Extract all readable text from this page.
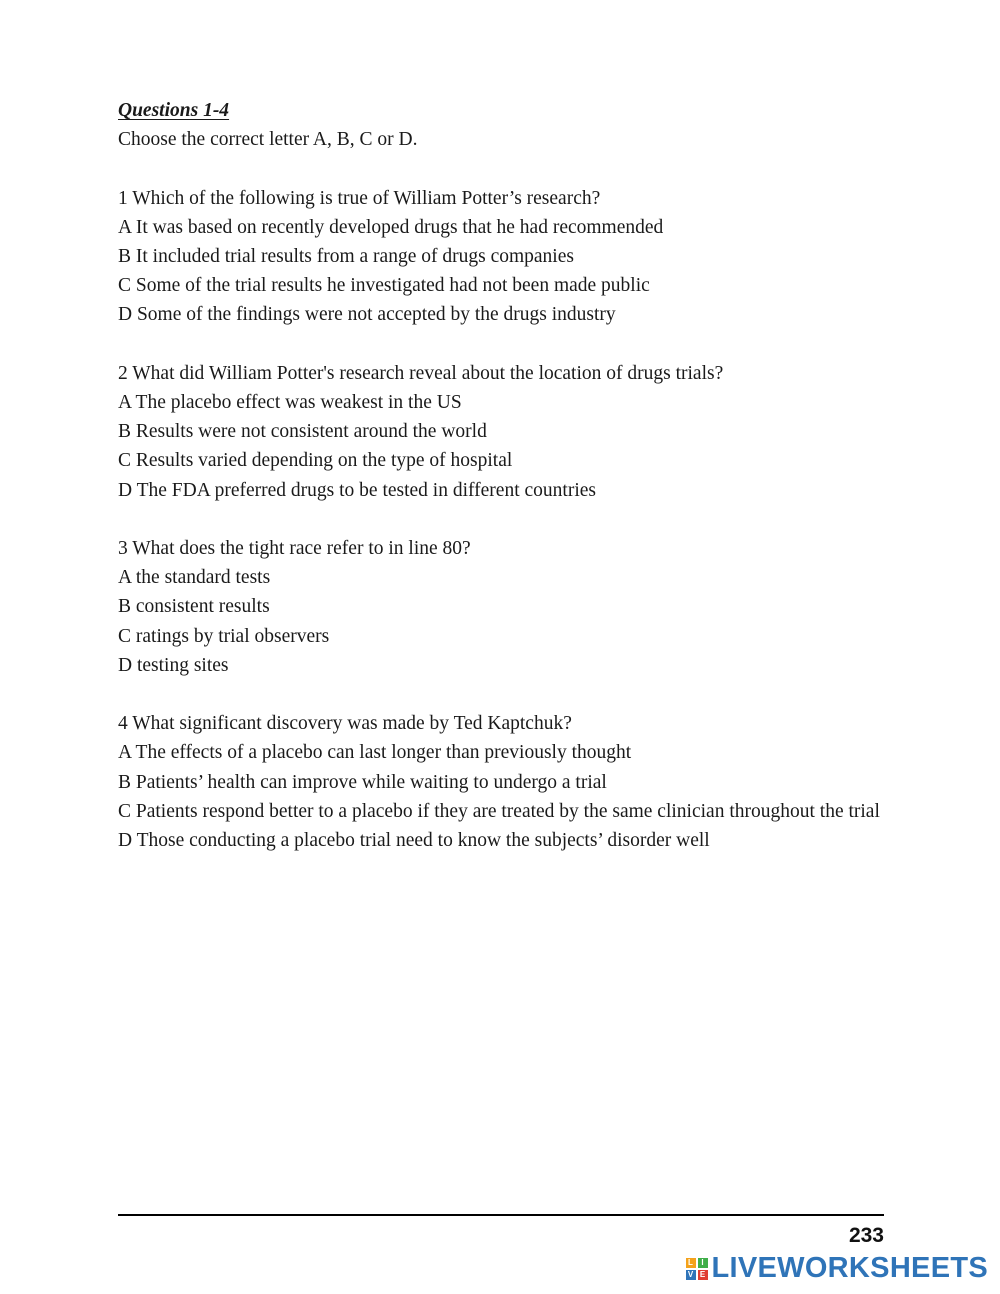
Questions 1-4
Choose the correct letter A, B, C or D.
1 Which of the following is true of William Potter’s research?
A It was based on recently developed drugs that he had recommended
B It included trial results from a range of drugs companies
C Some of the trial results he investigated had not been made public
D Some of the findings were not accepted by the drugs industry
2 What did William Potter's research reveal about the location of drugs trials?
A The placebo effect was weakest in the US
B Results were not consistent around the world
C Results varied depending on the type of hospital
D The FDA preferred drugs to be tested in different countries
3 What does the tight race refer to in line 80?
A the standard tests
B consistent results
C ratings by trial observers
D testing sites
4 What significant discovery was made by Ted Kaptchuk?
A The effects of a placebo can last longer than previously thought
B Patients’ health can improve while waiting to undergo a trial
C Patients respond better to a placebo if they are treated by the same clinician throughout the trial
D Those conducting a placebo trial need to know the subjects’ disorder well
233
L	I
V E LIVEWORKSHEETS
